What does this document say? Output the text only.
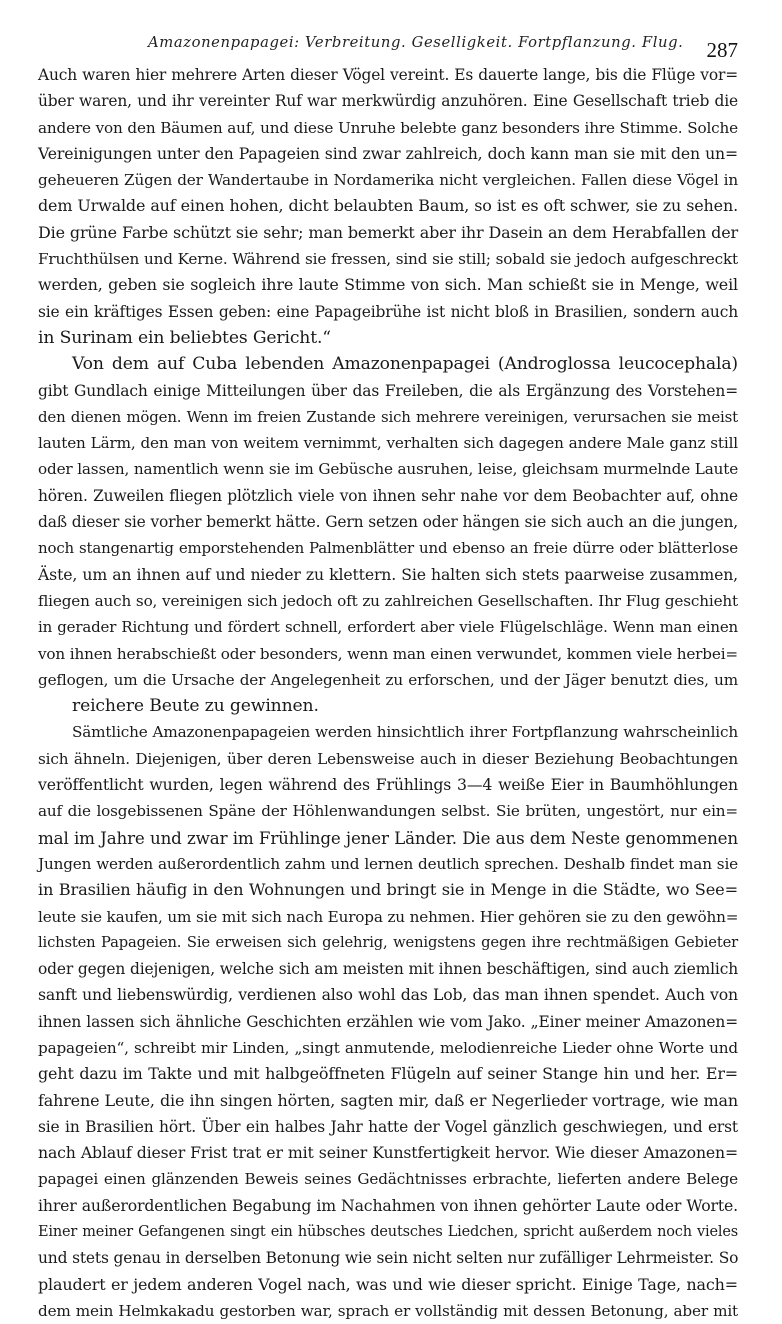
Amazonenpapagei: Verbreitung. Geselligkeit. Fortpflanzung. Flug. 287
Auch waren hier mehrere Arten dieser Vögel vereint. Es dauerte lange, bis die Flüge vor=
über waren, und ihr vereinter Ruf war merkwürdig anzuhören. Eine Gesellschaft trieb die
andere von den Bäumen auf, und diese Unruhe belebte ganz besonders ihre Stimme. Solche
Vereinigungen unter den Papageien sind zwar zahlreich, doch kann man sie mit den un=
geheueren Zügen der Wandertaube in Nordamerika nicht vergleichen. Fallen diese Vögel in
dem Urwalde auf einen hohen, dicht belaubten Baum, so ist es oft schwer, sie zu sehen.
Die grüne Farbe schützt sie sehr; man bemerkt aber ihr Dasein an dem Herabfallen der
Fruchthülsen und Kerne. Während sie fressen, sind sie still; sobald sie jedoch aufgeschreckt
werden, geben sie sogleich ihre laute Stimme von sich. Man schießt sie in Menge, weil
sie ein kräftiges Essen geben: eine Papageibrühe ist nicht bloß in Brasilien, sondern auch
in Surinam ein beliebtes Gericht.“
Von dem auf Cuba lebenden Amazonenpapagei (Androglossa leucocephala)
gibt Gundlach einige Mitteilungen über das Freileben, die als Ergänzung des Vorstehen=
den dienen mögen. Wenn im freien Zustande sich mehrere vereinigen, verursachen sie meist
lauten Lärm, den man von weitem vernimmt, verhalten sich dagegen andere Male ganz still
oder lassen, namentlich wenn sie im Gebüsche ausruhen, leise, gleichsam murmelnde Laute
hören. Zuweilen fliegen plötzlich viele von ihnen sehr nahe vor dem Beobachter auf, ohne
daß dieser sie vorher bemerkt hätte. Gern setzen oder hängen sie sich auch an die jungen,
noch stangenartig emporstehenden Palmenblätter und ebenso an freie dürre oder blätterlose
Äste, um an ihnen auf und nieder zu klettern. Sie halten sich stets paarweise zusammen,
fliegen auch so, vereinigen sich jedoch oft zu zahlreichen Gesellschaften. Ihr Flug geschieht
in gerader Richtung und fördert schnell, erfordert aber viele Flügelschläge. Wenn man einen
von ihnen herabschießt oder besonders, wenn man einen verwundet, kommen viele herbei=
geflogen, um die Ursache der Angelegenheit zu erforschen, und der Jäger benutzt dies, um
reichere Beute zu gewinnen.
Sämtliche Amazonenpapageien werden hinsichtlich ihrer Fortpflanzung wahrscheinlich
sich ähneln. Diejenigen, über deren Lebensweise auch in dieser Beziehung Beobachtungen
veröffentlicht wurden, legen während des Frühlings 3—4 weiße Eier in Baumhöhlungen
auf die losgebissenen Späne der Höhlenwandungen selbst. Sie brüten, ungestört, nur ein=
mal im Jahre und zwar im Frühlinge jener Länder. Die aus dem Neste genommenen
Jungen werden außerordentlich zahm und lernen deutlich sprechen. Deshalb findet man sie
in Brasilien häufig in den Wohnungen und bringt sie in Menge in die Städte, wo See=
leute sie kaufen, um sie mit sich nach Europa zu nehmen. Hier gehören sie zu den gewöhn=
lichsten Papageien. Sie erweisen sich gelehrig, wenigstens gegen ihre rechtmäßigen Gebieter
oder gegen diejenigen, welche sich am meisten mit ihnen beschäftigen, sind auch ziemlich
sanft und liebenswürdig, verdienen also wohl das Lob, das man ihnen spendet. Auch von
ihnen lassen sich ähnliche Geschichten erzählen wie vom Jako. „Einer meiner Amazonen=
papageien“, schreibt mir Linden, „singt anmutende, melodienreiche Lieder ohne Worte und
geht dazu im Takte und mit halbgeöffneten Flügeln auf seiner Stange hin und her. Er=
fahrene Leute, die ihn singen hörten, sagten mir, daß er Negerlieder vortrage, wie man
sie in Brasilien hört. Über ein halbes Jahr hatte der Vogel gänzlich geschwiegen, und erst
nach Ablauf dieser Frist trat er mit seiner Kunstfertigkeit hervor. Wie dieser Amazonen=
papagei einen glänzenden Beweis seines Gedächtnisses erbrachte, lieferten andere Belege
ihrer außerordentlichen Begabung im Nachahmen von ihnen gehörter Laute oder Worte.
Einer meiner Gefangenen singt ein hübsches deutsches Liedchen, spricht außerdem noch vieles
und stets genau in derselben Betonung wie sein nicht selten nur zufälliger Lehrmeister. So
plaudert er jedem anderen Vogel nach, was und wie dieser spricht. Einige Tage, nach=
dem mein Helmkakadu gestorben war, sprach er vollständig mit dessen Betonung, aber mit
